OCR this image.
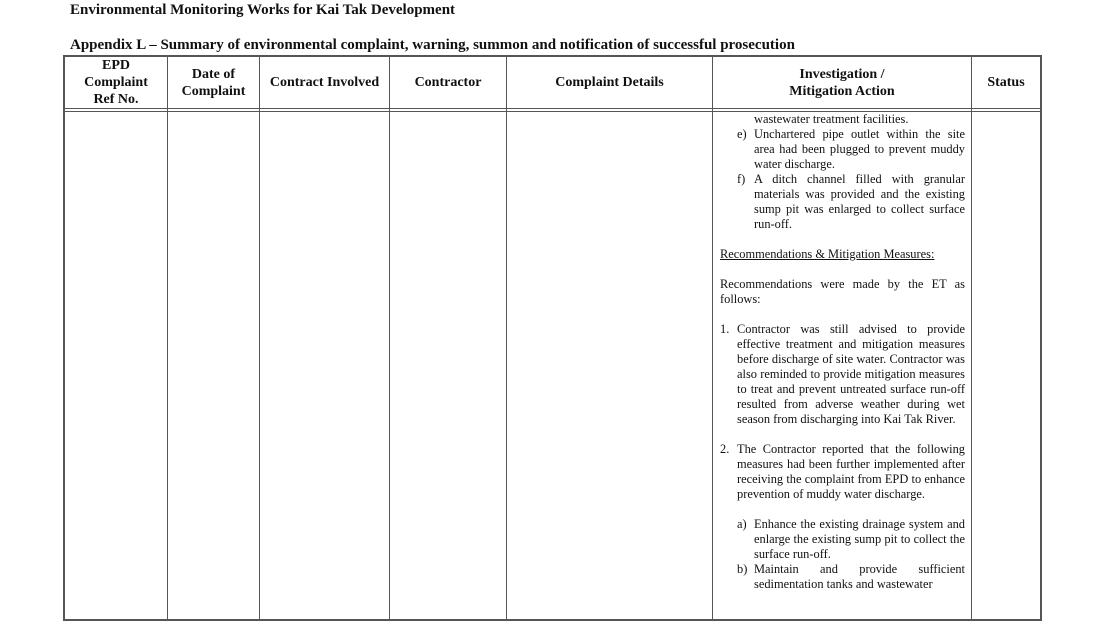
Environmental Monitoring Works for Kai Tak Development
Appendix L – Summary of environmental complaint, warning, summon and notification of successful prosecution
EPD
Complaint
Ref No.
Date of
Complaint
Contract Involved	Contractor	Complaint Details
Investigation /
Mitigation Action
Status
wastewater treatment facilities.
e) Unchartered pipe outlet within the site area had been plugged to prevent muddy water discharge.
f) A ditch channel filled with granular materials was provided and the existing sump pit was enlarged to collect surface run-off.

Recommendations & Mitigation Measures:

Recommendations were made by the ET as follows:

1. Contractor was still advised to provide effective treatment and mitigation measures before discharge of site water. Contractor was also reminded to provide mitigation measures to treat and prevent untreated surface run-off resulted from adverse weather during wet season from discharging into Kai Tak River.
2. The Contractor reported that the following measures had been further implemented after receiving the complaint from EPD to enhance prevention of muddy water discharge.
a) Enhance the existing drainage system and enlarge the existing sump pit to collect the surface run-off.
b) Maintain and provide sufficient sedimentation tanks and wastewater
